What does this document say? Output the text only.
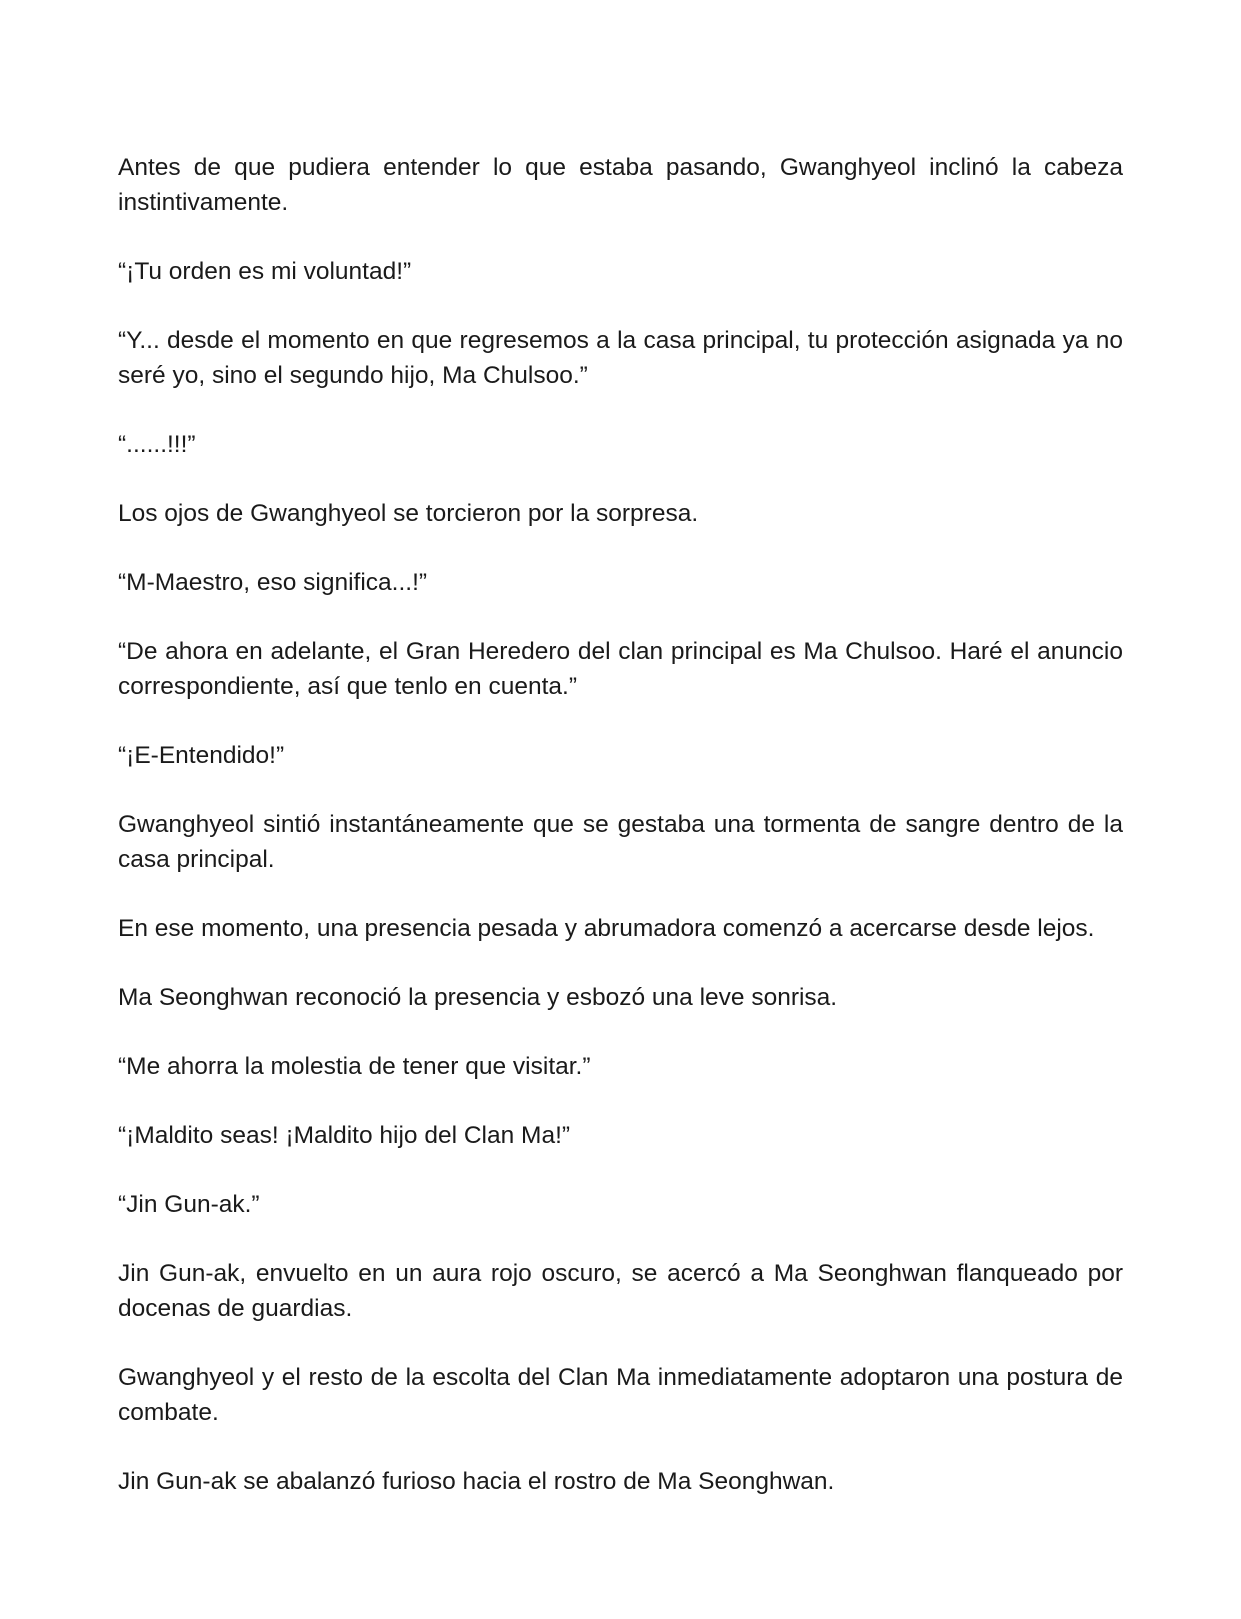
Antes de que pudiera entender lo que estaba pasando, Gwanghyeol inclinó la cabeza instintivamente.

“¡Tu orden es mi voluntad!”

“Y... desde el momento en que regresemos a la casa principal, tu protección asignada ya no seré yo, sino el segundo hijo, Ma Chulsoo.”

“......!!!”

Los ojos de Gwanghyeol se torcieron por la sorpresa.

“M-Maestro, eso significa...!”

“De ahora en adelante, el Gran Heredero del clan principal es Ma Chulsoo. Haré el anuncio correspondiente, así que tenlo en cuenta.”

“¡E-Entendido!”

Gwanghyeol sintió instantáneamente que se gestaba una tormenta de sangre dentro de la casa principal.

En ese momento, una presencia pesada y abrumadora comenzó a acercarse desde lejos.

Ma Seonghwan reconoció la presencia y esbozó una leve sonrisa.

“Me ahorra la molestia de tener que visitar.”

“¡Maldito seas! ¡Maldito hijo del Clan Ma!”

“Jin Gun-ak.”

Jin Gun-ak, envuelto en un aura rojo oscuro, se acercó a Ma Seonghwan flanqueado por docenas de guardias.

Gwanghyeol y el resto de la escolta del Clan Ma inmediatamente adoptaron una postura de combate.

Jin Gun-ak se abalanzó furioso hacia el rostro de Ma Seonghwan.
